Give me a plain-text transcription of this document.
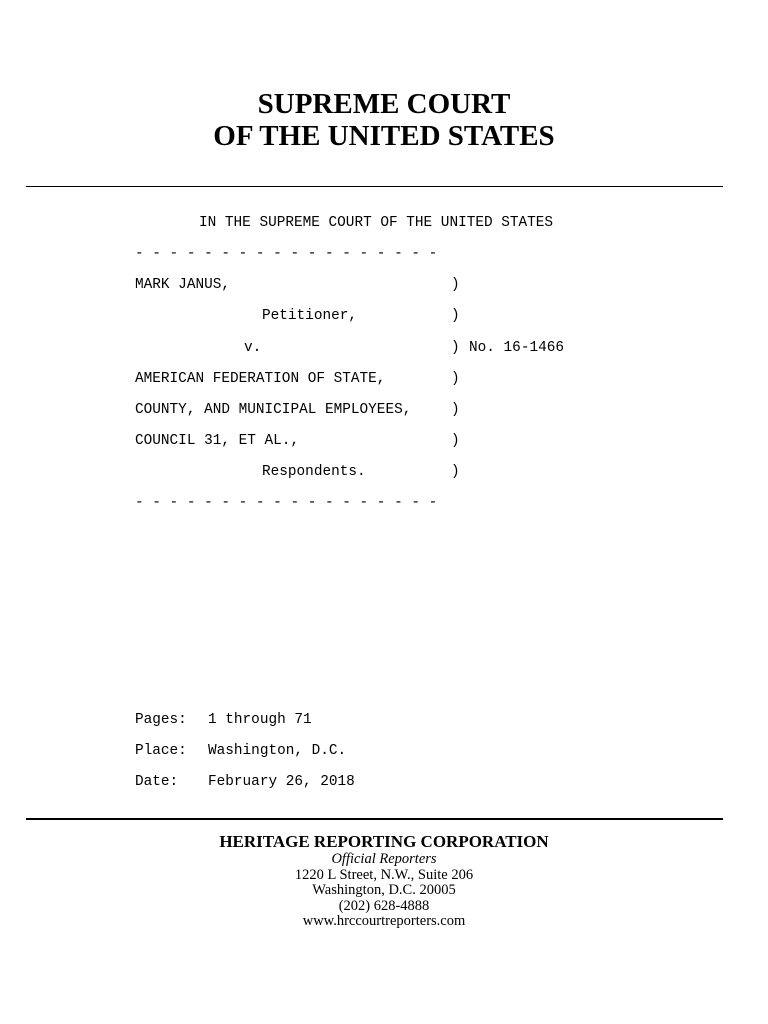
SUPREME COURT
OF THE UNITED STATES
IN THE SUPREME COURT OF THE UNITED STATES
- - - - - - - - - - - - - - - - - -
MARK JANUS,	)
Petitioner,	)
v.	) No. 16-1466
AMERICAN FEDERATION OF STATE,	)
COUNTY, AND MUNICIPAL EMPLOYEES,	)
COUNCIL 31, ET AL.,	)
Respondents.	)
- - - - - - - - - - - - - - - - - -
Pages: 1 through 71
Place: Washington, D.C.
Date: February 26, 2018
HERITAGE REPORTING CORPORATION
Official Reporters
1220 L Street, N.W., Suite 206
Washington, D.C. 20005
(202) 628-4888
www.hrccourtreporters.com
